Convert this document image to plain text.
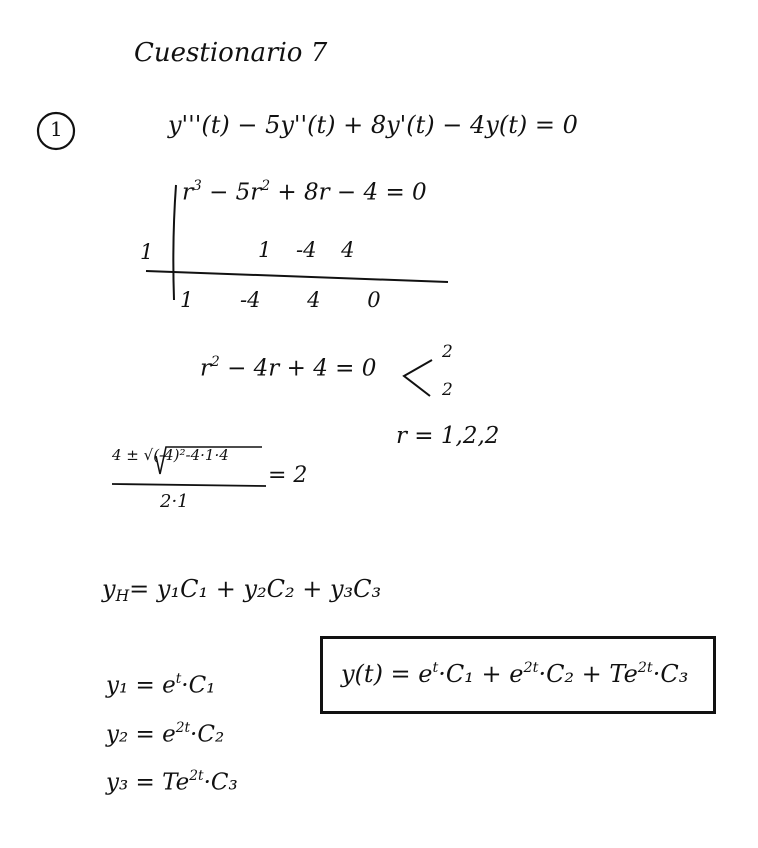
Cuestionario 7
1	y'''(t) − 5y''(t) + 8y'(t) − 4y(t) = 0
$r^3 - 5r^2 + 8r - 4 = 0$
1	1 -4 4
1 -4 4 0
$r^2 - 4r + 4 = 0$
2
2
r = 1,2,2
4 ± √(-4)²-4·1·4
2·1
= 2
$y_H= y_1C_1 + y_2C_2 + y_3C_3$
$y_1 = e^t\cdot C_1$
$y_2 = e^{2t}\cdot C_2$
$y_3 = Te^{2t}\cdot C_3$
$y(t) = e^t\cdot C_1 + e^{2t}\cdot C_2 + Te^{2t}\cdot C_3$
